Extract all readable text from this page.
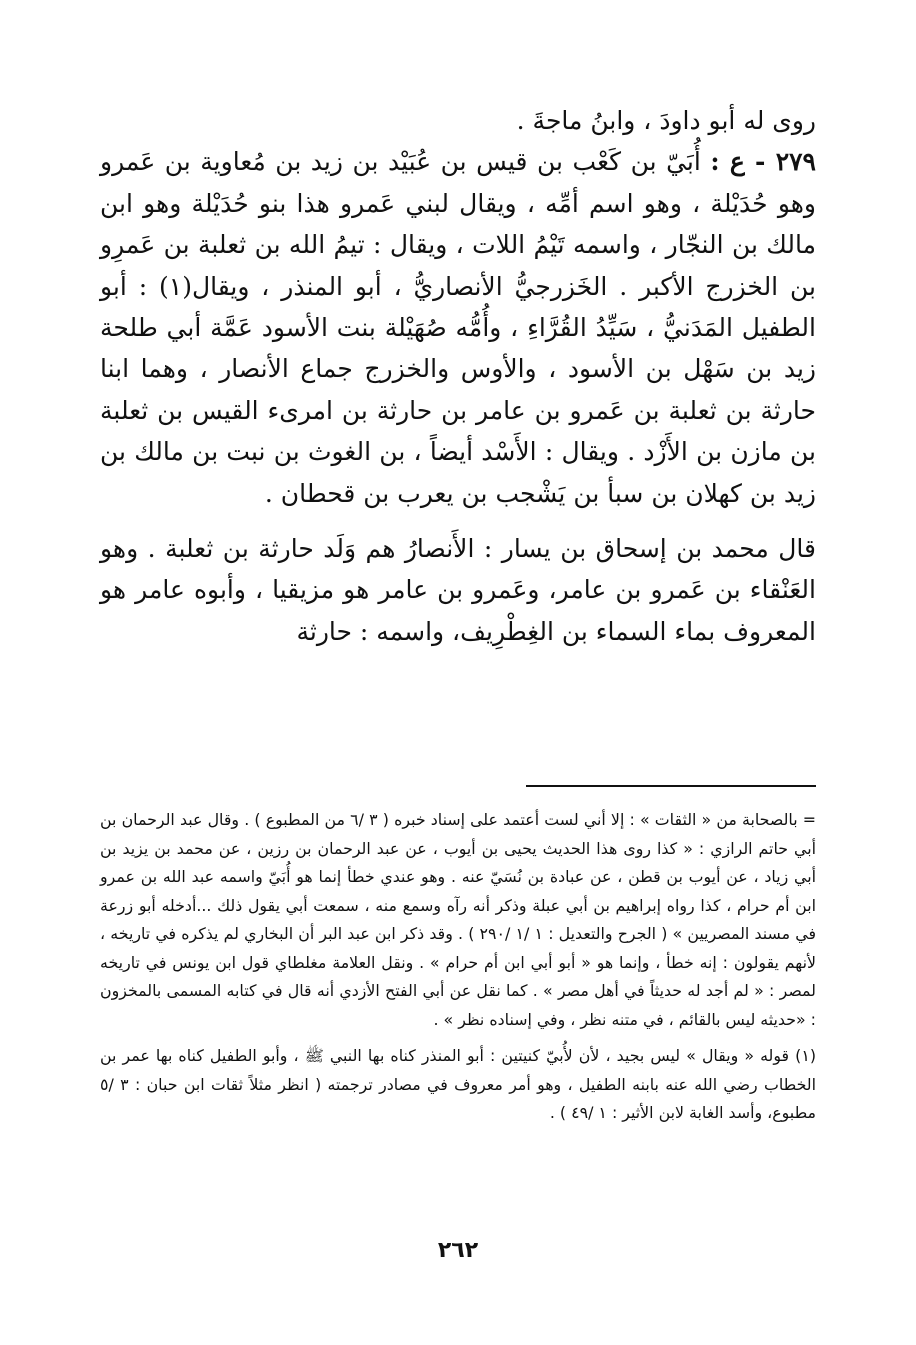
روى له أبو داودَ ، وابنُ ماجةَ .

٢٧٩ - ع : أُبَيّ بن كَعْب بن قيس بن عُبَيْد بن زيد بن مُعاوية بن عَمرو وهو حُدَيْلة ، وهو اسم أمِّه ، ويقال لبني عَمرو هذا بنو حُدَيْلة وهو ابن مالك بن النجّار ، واسمه تَيْمُ اللات ، ويقال : تيمُ الله بن ثعلبة بن عَمرِو بن الخزرج الأكبر . الخَزرجيُّ الأنصاريُّ ، أبو المنذر ، ويقال(١) : أبو الطفيل المَدَنيُّ ، سَيِّدُ القُرَّاءِ ، وأُمُّه صُهَيْلة بنت الأسود عَمَّة أبي طلحة زيد بن سَهْل بن الأسود ، والأوس والخزرج جماع الأنصار ، وهما ابنا حارثة بن ثعلبة بن عَمرو بن عامر بن حارثة بن امرىء القيس بن ثعلبة بن مازن بن الأَزْد . ويقال : الأَسْد أيضاً ، بن الغوث بن نبت بن مالك بن زيد بن كهلان بن سبأ بن يَشْجب بن يعرب بن قحطان .

قال محمد بن إسحاق بن يسار : الأَنصارُ هم وَلَد حارثة بن ثعلبة . وهو العَنْقاء بن عَمرو بن عامر، وعَمرو بن عامر هو مزيقيا ، وأبوه عامر هو المعروف بماء السماء بن الغِطْرِيف، واسمه : حارثة

= بالصحابة من « الثقات » : إلا أني لست أعتمد على إسناد خبره ( ٣ /٦ من المطبوع ) . وقال عبد الرحمان بن أبي حاتم الرازي : « كذا روى هذا الحديث يحيى بن أيوب ، عن عبد الرحمان بن رزين ، عن محمد بن يزيد بن أبي زياد ، عن أيوب بن قطن ، عن عبادة بن نُسَيّ عنه . وهو عندي خطأ إنما هو أُبَيّ واسمه عبد الله بن عمرو ابن أم حرام ، كذا رواه إبراهيم بن أبي عبلة وذكر أنه رآه وسمع منه ، سمعت أبي يقول ذلك ...أدخله أبو زرعة في مسند المصريين » ( الجرح والتعديل : ١ /١ /٢٩٠ ) . وقد ذكر ابن عبد البر أن البخاري لم يذكره في تاريخه ، لأنهم يقولون : إنه خطأ ، وإنما هو « أبو أبي ابن أم حرام » . ونقل العلامة مغلطاي قول ابن يونس في تاريخه لمصر : « لم أجد له حديثاً في أهل مصر » . كما نقل عن أبي الفتح الأزدي أنه قال في كتابه المسمى بالمخزون : «حديثه ليس بالقائم ، في متنه نظر ، وفي إسناده نظر » .

(١) قوله « ويقال » ليس بجيد ، لأن لأُبيّ كنيتين : أبو المنذر كناه بها النبي ﷺ ، وأبو الطفيل كناه بها عمر بن الخطاب رضي الله عنه بابنه الطفيل ، وهو أمر معروف في مصادر ترجمته ( انظر مثلاً ثقات ابن حبان : ٣ /٥ مطبوع، وأسد الغابة لابن الأثير : ١ /٤٩ ) .

٢٦٢
